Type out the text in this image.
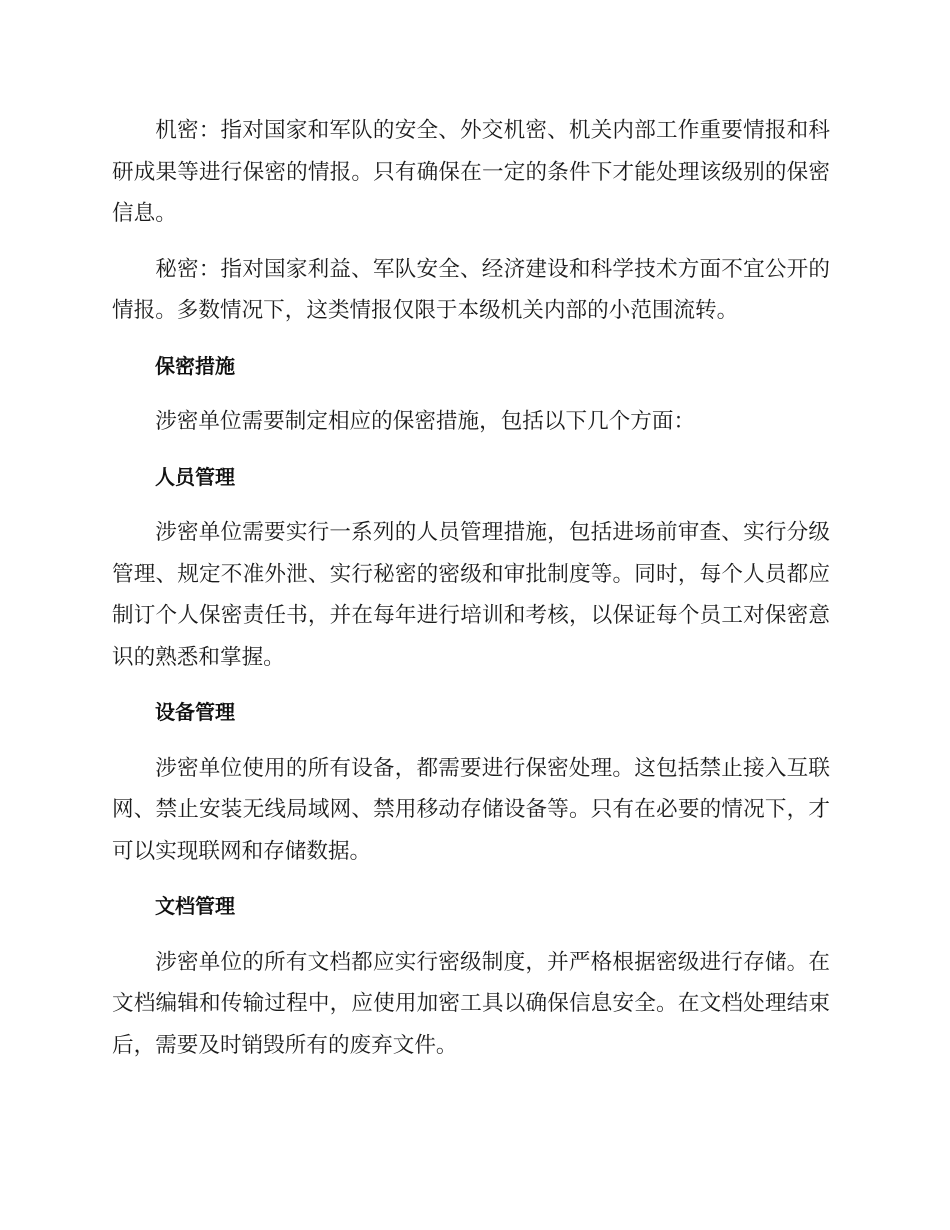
机密：指对国家和军队的安全、外交机密、机关内部工作重要情报和科研成果等进行保密的情报。只有确保在一定的条件下才能处理该级别的保密信息。

秘密：指对国家利益、军队安全、经济建设和科学技术方面不宜公开的情报。多数情况下，这类情报仅限于本级机关内部的小范围流转。

保密措施

涉密单位需要制定相应的保密措施，包括以下几个方面：

人员管理

涉密单位需要实行一系列的人员管理措施，包括进场前审查、实行分级管理、规定不准外泄、实行秘密的密级和审批制度等。同时，每个人员都应制订个人保密责任书，并在每年进行培训和考核，以保证每个员工对保密意识的熟悉和掌握。

设备管理

涉密单位使用的所有设备，都需要进行保密处理。这包括禁止接入互联网、禁止安装无线局域网、禁用移动存储设备等。只有在必要的情况下，才可以实现联网和存储数据。

文档管理

涉密单位的所有文档都应实行密级制度，并严格根据密级进行存储。在文档编辑和传输过程中，应使用加密工具以确保信息安全。在文档处理结束后，需要及时销毁所有的废弃文件。
